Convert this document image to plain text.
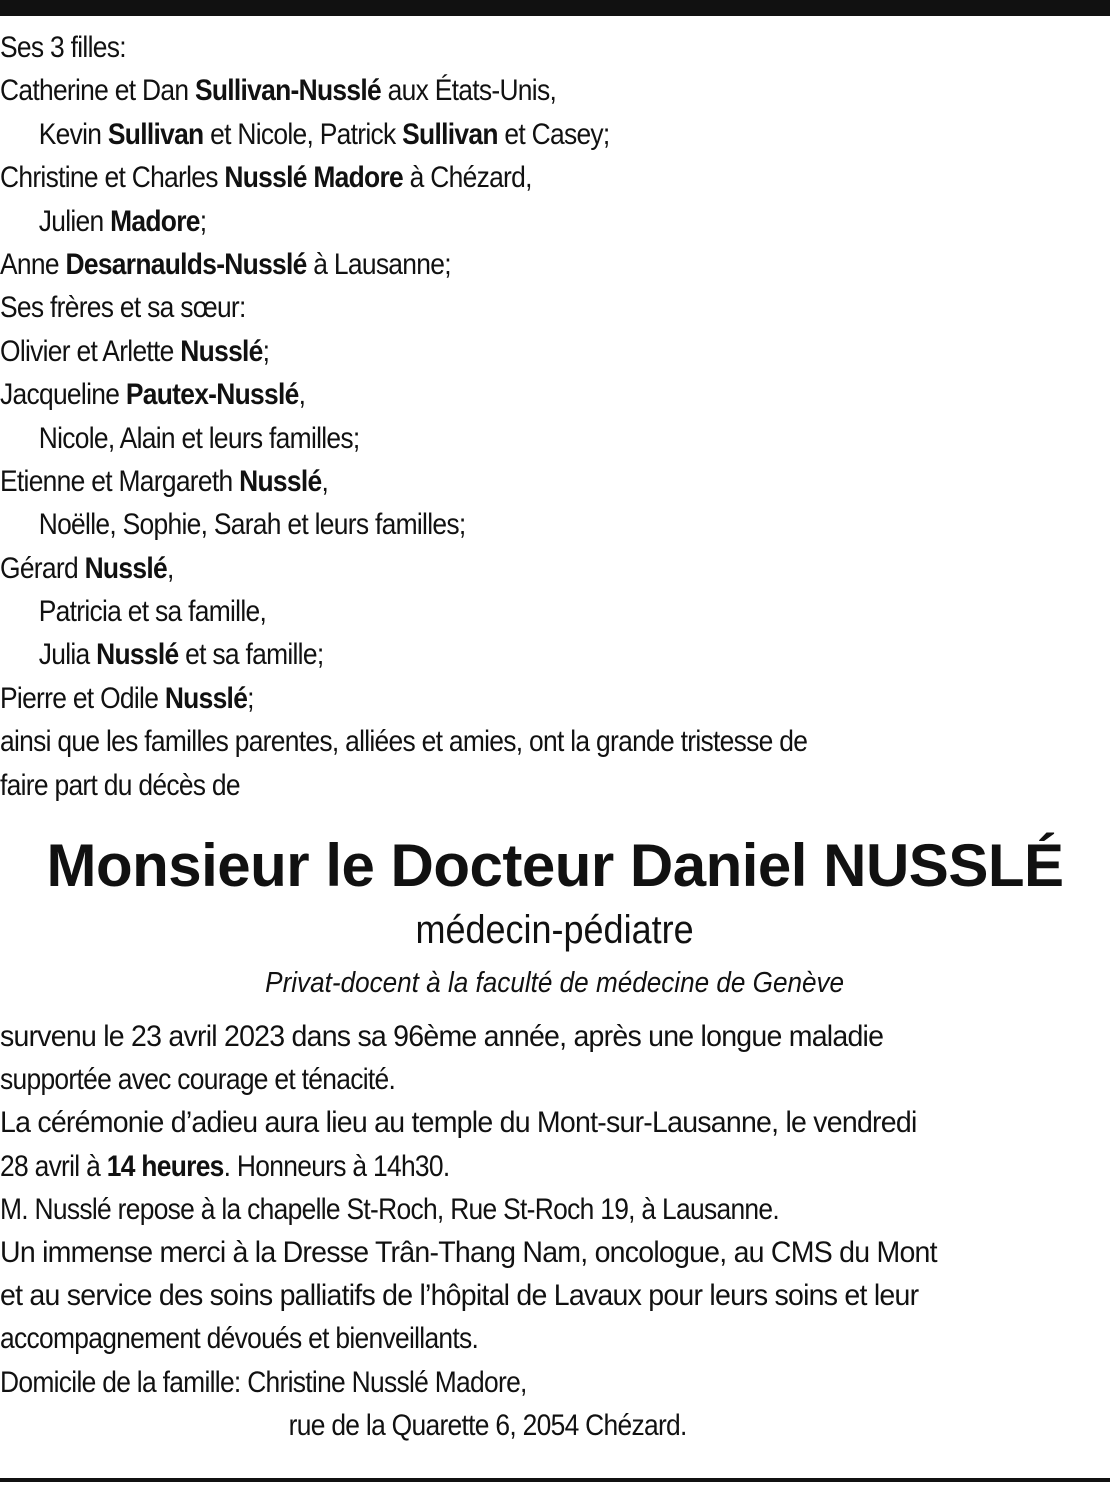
Ses 3 filles:
Catherine et Dan Sullivan-Nusslé aux États-Unis,
Kevin Sullivan et Nicole, Patrick Sullivan et Casey;
Christine et Charles Nusslé Madore à Chézard,
Julien Madore;
Anne Desarnaulds-Nusslé à Lausanne;
Ses frères et sa sœur:
Olivier et Arlette Nusslé;
Jacqueline Pautex-Nusslé,
Nicole, Alain et leurs familles;
Etienne et Margareth Nusslé,
Noëlle, Sophie, Sarah et leurs familles;
Gérard Nusslé,
Patricia et sa famille,
Julia Nusslé et sa famille;
Pierre et Odile Nusslé;
ainsi que les familles parentes, alliées et amies, ont la grande tristesse de
faire part du décès de
Monsieur le Docteur Daniel NUSSLÉ
médecin-pédiatre
Privat-docent à la faculté de médecine de Genève
survenu le 23 avril 2023 dans sa 96ème année, après une longue maladie
supportée avec courage et ténacité.
La cérémonie d’adieu aura lieu au temple du Mont-sur-Lausanne, le vendredi
28 avril à 14 heures. Honneurs à 14h30.
M. Nusslé repose à la chapelle St-Roch, Rue St-Roch 19, à Lausanne.
Un immense merci à la Dresse Trân-Thang Nam, oncologue, au CMS du Mont
et au service des soins palliatifs de l’hôpital de Lavaux pour leurs soins et leur
accompagnement dévoués et bienveillants.
Domicile de la famille: Christine Nusslé Madore,
rue de la Quarette 6, 2054 Chézard.
